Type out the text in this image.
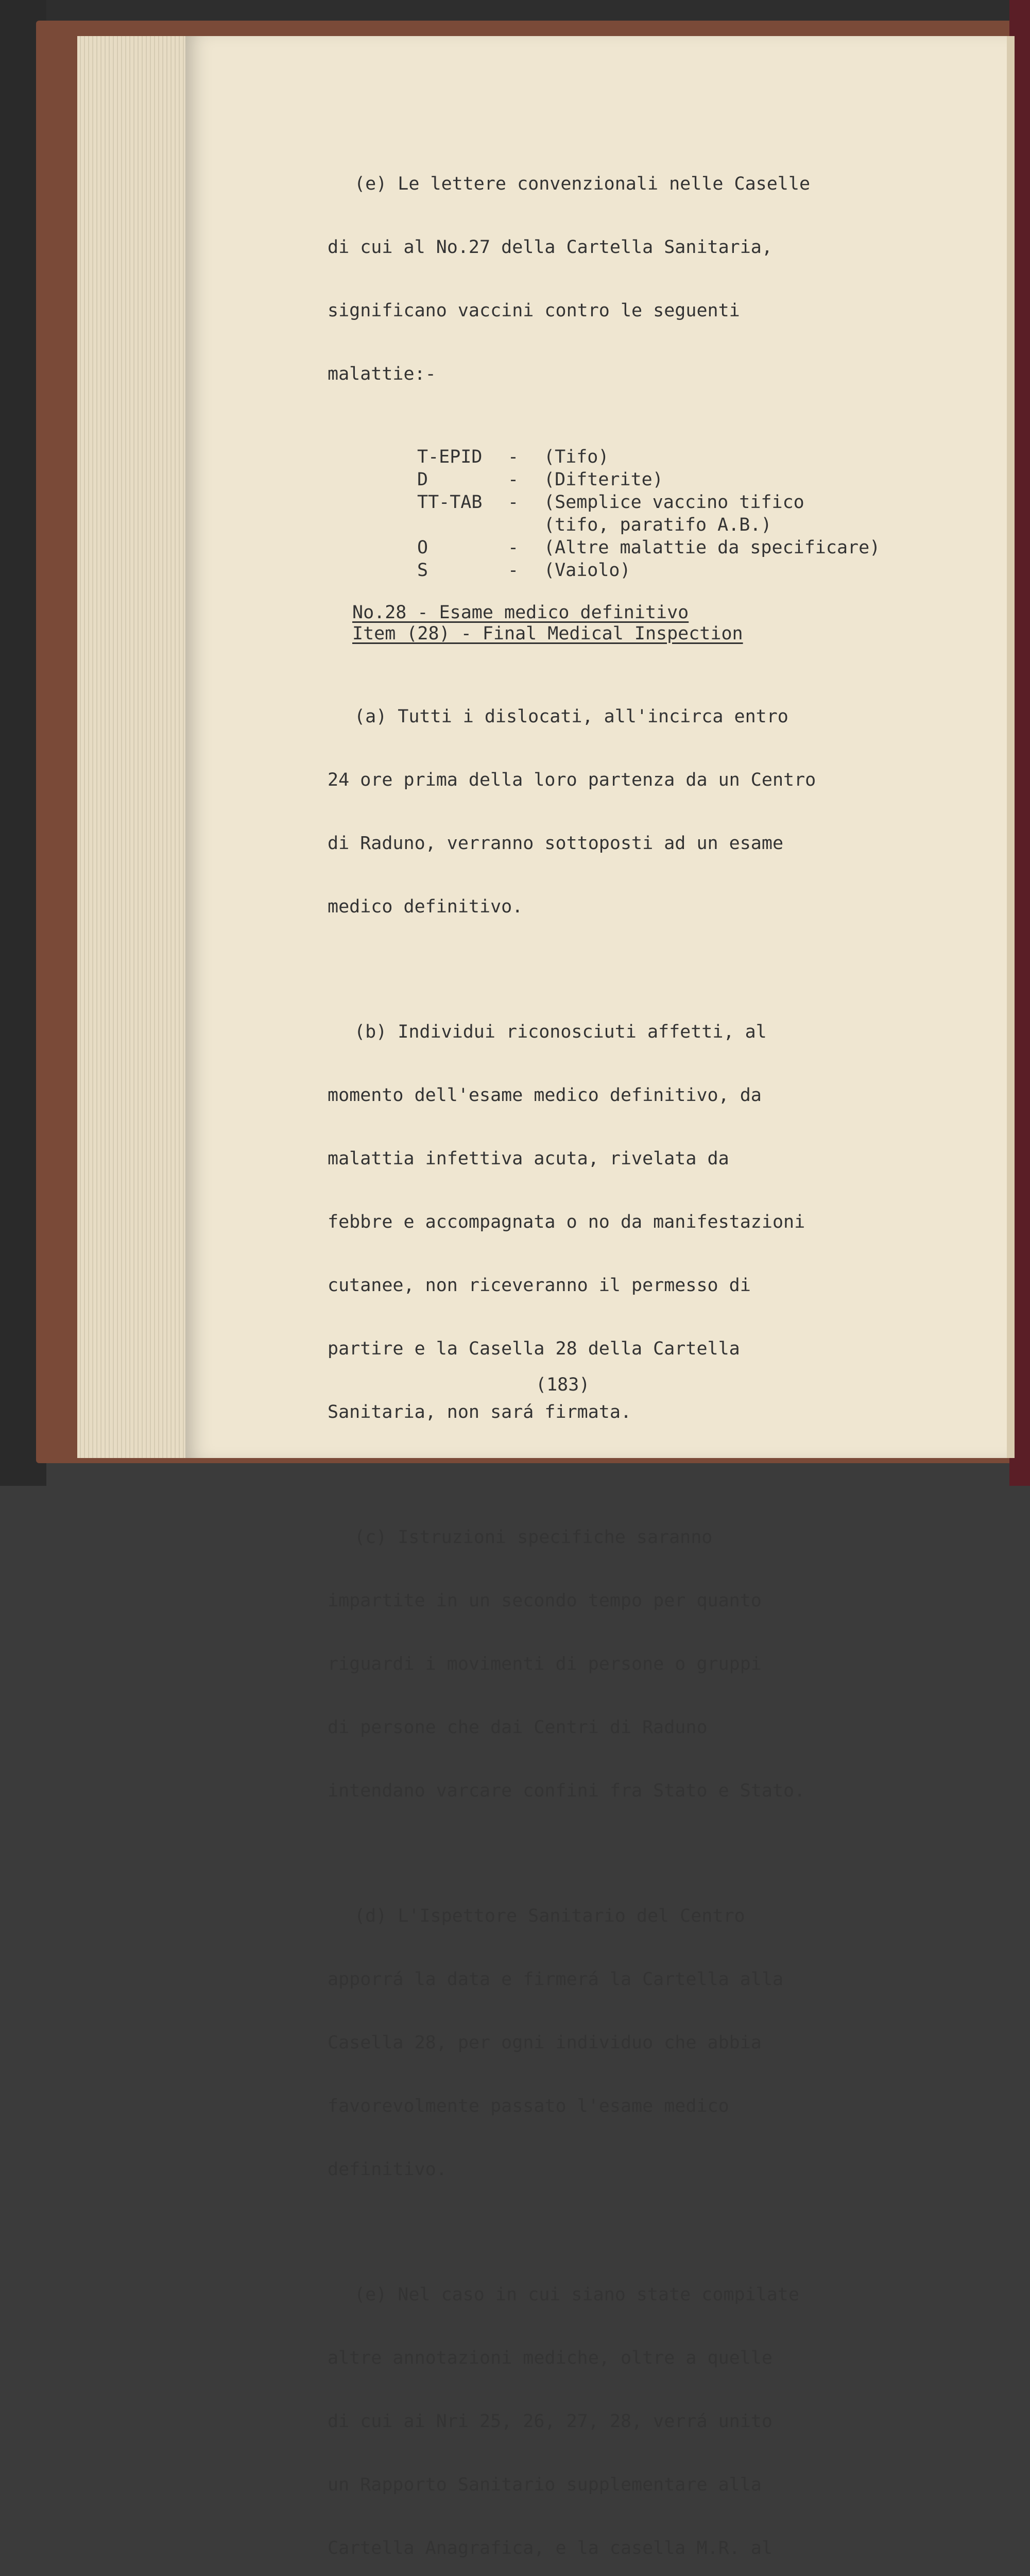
(e) Le lettere convenzionali nelle Caselle

di cui al No.27 della Cartella Sanitaria,

significano vaccini contro le seguenti

malattie:-

T-EPID	-	(Tifo)
D	-	(Difterite)
TT-TAB	-	(Semplice vaccino tifico
(tifo, paratifo A.B.)
O	-	(Altre malattie da specificare)
S	-	(Vaiolo)
No.28 - Esame medico definitivo
Item (28) - Final Medical Inspection

(a) Tutti i dislocati, all'incirca entro

24 ore prima della loro partenza da un Centro

di Raduno, verranno sottoposti ad un esame

medico definitivo.

(b) Individui riconosciuti affetti, al

momento dell'esame medico definitivo, da

malattia infettiva acuta, rivelata da

febbre e accompagnata o no da manifestazioni

cutanee, non riceveranno il permesso di

partire e la Casella 28 della Cartella

Sanitaria, non sará firmata.

(c) Istruzioni specifiche saranno

impartite in un secondo tempo per quanto

riguardi i movimenti di persone o gruppi

di persone che dai Centri di Raduno

intendano varcare confini fra Stato e Stato.

(d) L'Ispettore Sanitario del Centro

apporrá la data e firmerá la Cartella alla

Casella 28, per ogni individuo che abbia

favorevolmente passato l'esame medico

definitivo.

(e) Nel caso in cui siano state compilate

altre annotazioni mediche, oltre a quelle

di cui ai Nri 25, 26, 27, 28, verrá unito

un Rapporto Sanitario supplementare alla

Cartella Anagrafica, e la casella M.R. al

(183)
